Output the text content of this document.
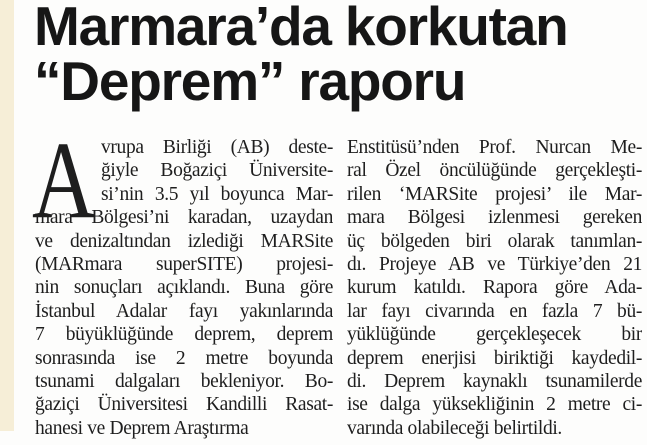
Marmara’da korkutan
“Deprem” raporu
A vrupa Birliği (AB) deste-
ğiyle Boğaziçi Üniversite-
si’nin 3.5 yıl boyunca Mar-
mara Bölgesi’ni karadan, uzaydan
ve denizaltından izlediği MARSite
(MARmara superSITE) projesi-
nin sonuçları açıklandı. Buna göre
İstanbul Adalar fayı yakınlarında
7 büyüklüğünde deprem, deprem
sonrasında ise 2 metre boyunda
tsunami dalgaları bekleniyor. Bo-
ğaziçi Üniversitesi Kandilli Rasat-
hanesi ve Deprem Araştırma
Enstitüsü’nden Prof. Nurcan Me-
ral Özel öncülüğünde gerçekleşti-
rilen ‘MARSite projesi’ ile Mar-
mara Bölgesi izlenmesi gereken
üç bölgeden biri olarak tanımlan-
dı. Projeye AB ve Türkiye’den 21
kurum katıldı. Rapora göre Ada-
lar fayı civarında en fazla 7 bü-
yüklüğünde gerçekleşecek bir
deprem enerjisi biriktiği kaydedil-
di. Deprem kaynaklı tsunamilerde
ise dalga yüksekliğinin 2 metre ci-
varında olabileceği belirtildi.
